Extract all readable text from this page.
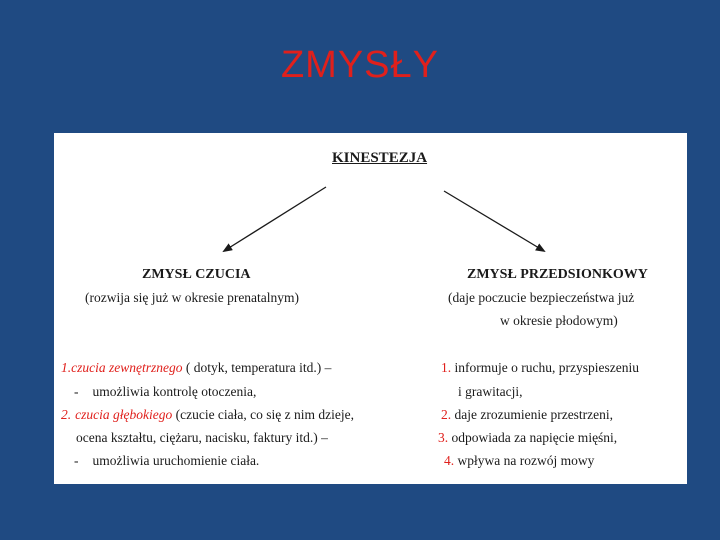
ZMYSŁY
KINESTEZJA
ZMYSŁ CZUCIA
(rozwija się już w okresie prenatalnym)
1.czucia zewnętrznego ( dotyk, temperatura itd.) –
- umożliwia kontrolę otoczenia,
2. czucia głębokiego (czucie ciała, co się z nim dzieje,
ocena kształtu, ciężaru, nacisku, faktury itd.) –
- umożliwia uruchomienie ciała.
ZMYSŁ PRZEDSIONKOWY
(daje poczucie bezpieczeństwa już
w okresie płodowym)
1. informuje o ruchu, przyspieszeniu
i grawitacji,
2. daje zrozumienie przestrzeni,
3. odpowiada za napięcie mięśni,
4. wpływa na rozwój mowy
